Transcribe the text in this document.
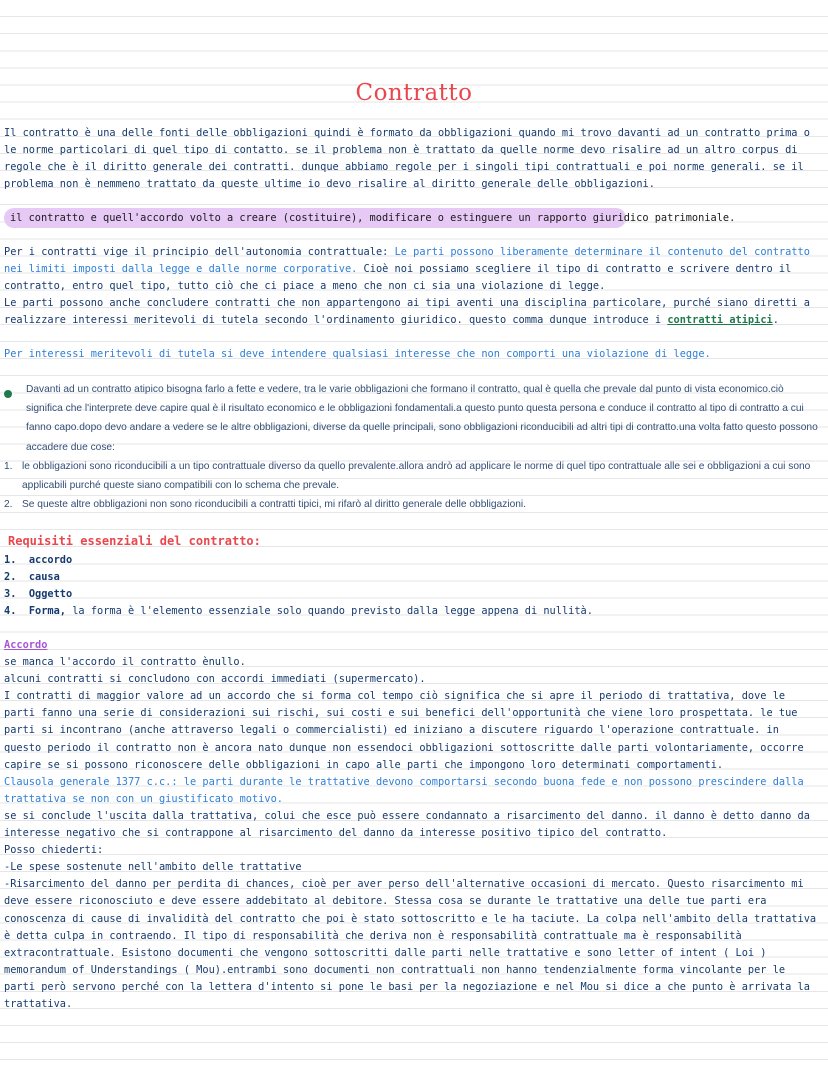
Contratto
Il contratto è una delle fonti delle obbligazioni quindi è formato da obbligazioni quando mi trovo davanti ad un contratto prima o le norme particolari di quel tipo di contatto. se il problema non è trattato da quelle norme devo risalire ad un altro corpus di regole che è il diritto generale dei contratti. dunque abbiamo regole per i singoli tipi contrattuali e poi norme generali. se il problema non è nemmeno trattato da queste ultime io devo risalire al diritto generale delle obbligazioni.
il contratto e quell'accordo volto a creare (costituire), modificare o estinguere un rapporto giuridico patrimoniale.
Per i contratti vige il principio dell'autonomia contrattuale: Le parti possono liberamente determinare il contenuto del contratto nei limiti imposti dalla legge e dalle norme corporative. Cioè noi possiamo scegliere il tipo di contratto e scrivere dentro il contratto, entro quel tipo, tutto ciò che ci piace a meno che non ci sia una violazione di legge.
Le parti possono anche concludere contratti che non appartengono ai tipi aventi una disciplina particolare, purché siano diretti a realizzare interessi meritevoli di tutela secondo l'ordinamento giuridico. questo comma dunque introduce i contratti atipici.
Per interessi meritevoli di tutela si deve intendere qualsiasi interesse che non comporti una violazione di legge.
Davanti ad un contratto atipico bisogna farlo a fette e vedere, tra le varie obbligazioni che formano il contratto, qual è quella che prevale dal punto di vista economico.ciò significa che l'interprete deve capire qual è il risultato economico e le obbligazioni fondamentali.a questo punto questa persona e conduce il contratto al tipo di contratto a cui fanno capo.dopo devo andare a vedere se le altre obbligazioni, diverse da quelle principali, sono obbligazioni riconducibili ad altri tipi di contratto.una volta fatto questo possono accadere due cose:
1. le obbligazioni sono riconducibili a un tipo contrattuale diverso da quello prevalente.allora andrò ad applicare le norme di quel tipo contrattuale alle sei e obbligazioni a cui sono applicabili purché queste siano compatibili con lo schema che prevale.
2. Se queste altre obbligazioni non sono riconducibili a contratti tipici, mi rifarò al diritto generale delle obbligazioni.
Requisiti essenziali del contratto:
1. accordo
2. causa
3. Oggetto
4. Forma, la forma è l'elemento essenziale solo quando previsto dalla legge appena di nullità.
Accordo
se manca l'accordo il contratto ènullo.
alcuni contratti si concludono con accordi immediati (supermercato).
I contratti di maggior valore ad un accordo che si forma col tempo ciò significa che si apre il periodo di trattativa, dove le parti fanno una serie di considerazioni sui rischi, sui costi e sui benefici dell'opportunità che viene loro prospettata. le tue parti si incontrano (anche attraverso legali o commercialisti) ed iniziano a discutere riguardo l'operazione contrattuale. in questo periodo il contratto non è ancora nato dunque non essendoci obbligazioni sottoscritte dalle parti volontariamente, occorre capire se si possono riconoscere delle obbligazioni in capo alle parti che impongono loro determinati comportamenti.
Clausola generale 1377 c.c.: le parti durante le trattative devono comportarsi secondo buona fede e non possono prescindere dalla trattativa se non con un giustificato motivo.
se si conclude l'uscita dalla trattativa, colui che esce può essere condannato a risarcimento del danno. il danno è detto danno da interesse negativo che si contrappone al risarcimento del danno da interesse positivo tipico del contratto.
Posso chiederti:
-Le spese sostenute nell'ambito delle trattative
-Risarcimento del danno per perdita di chances, cioè per aver perso dell'alternative occasioni di mercato. Questo risarcimento mi deve essere riconosciuto e deve essere addebitato al debitore. Stessa cosa se durante le trattative una delle tue parti era conoscenza di cause di invalidità del contratto che poi è stato sottoscritto e le ha taciute. La colpa nell'ambito della trattativa è detta culpa in contraendo. Il tipo di responsabilità che deriva non è responsabilità contrattuale ma è responsabilità extracontrattuale. Esistono documenti che vengono sottoscritti dalle parti nelle trattative e sono letter of intent ( Loi ) memorandum of Understandings ( Mou).entrambi sono documenti non contrattuali non hanno tendenzialmente forma vincolante per le parti però servono perché con la lettera d'intento si pone le basi per la negoziazione e nel Mou si dice a che punto è arrivata la trattativa.
